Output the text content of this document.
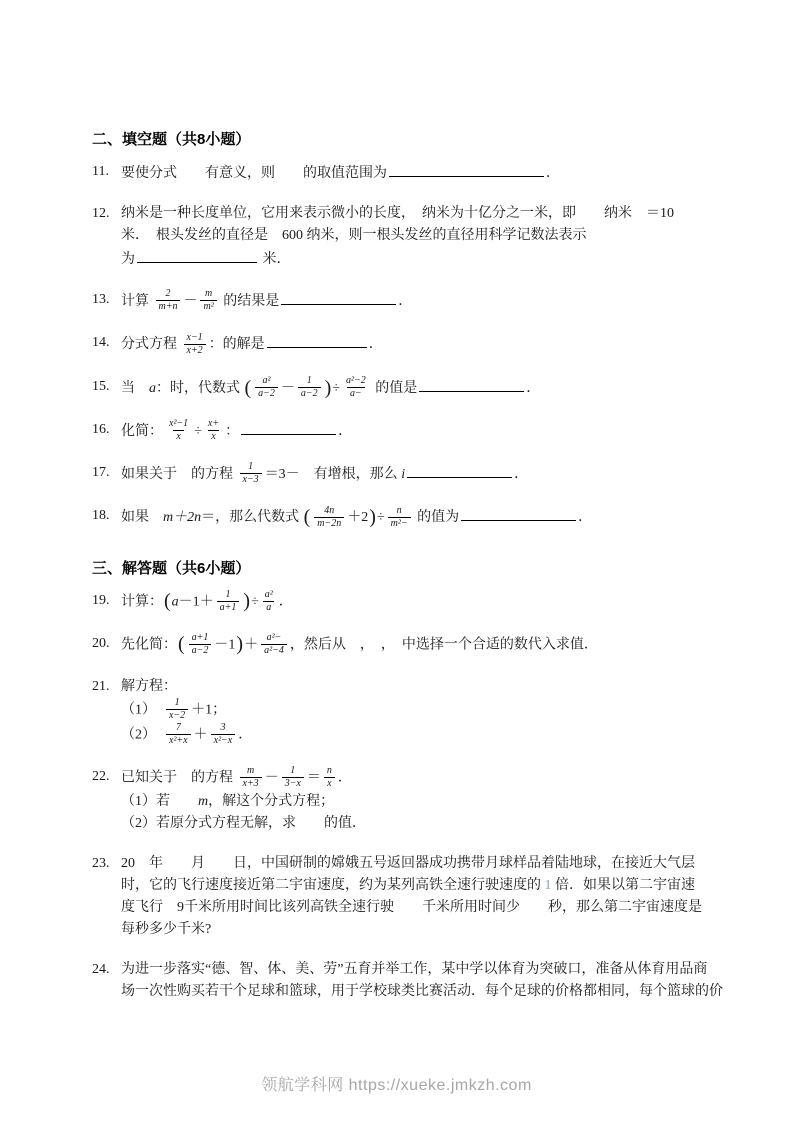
二、填空题（共8小题）
11. 要使分式　　有意义，则　　的取值范围为	．
12. 纳米是一种长度单位，它用来表示微小的长度，　纳米为十亿分之一米，即　　纳米　＝10
米．　根头发丝的直径是　600 纳米，则一根头发丝的直径用科学记数法表示
为	米．
13. 计算 $\frac{2}{m+n} - \frac{m}{\text{m²}}$ 的结果是	．
14. 分式方程 $\frac{x-1}{x+2}$ ：的解是	．
15. 当　a：时，代数式 ( $\frac{\text{a²}}{a-2} - \frac{1}{a-2}$ )÷ $\frac{\text{a²−2}}{a-}$ 的值是	．
16. 化简： $\frac{\text{x²−1}}{x} \div \frac{x+}{x}$ ：	．
17. 如果关于　的方程 $\frac{1}{x-3} =3-$　有增根，那么 i	．
18. 如果　m＋2n＝，那么代数式 ( $\frac{4n}{m-2n} +2)\div \frac{n}{\text{m²−}}$ 的值为	．
三、解答题（共6小题）
19. 计算：($a-1+ \frac{1}{a+1}$ )÷ $\frac{\text{a²}}{a}$ ．
20. 先化简：( $\frac{a+1}{a-2} -1)+ \frac{\text{a²−}}{\text{a²−4}}$ ，然后从　，　，　中选择一个合适的数代入求值．
21. 解方程：
（1）　 $\frac{1}{x-2} +1$；
（2）　 $\frac{7}{\text{x²+x}} + \frac{3}{\text{x²−x}}$ ．
22. 已知关于　的方程 $\frac{m}{x+3} - \frac{1}{3-x} = \frac{n}{x}$ ．
（1）若　　m，解这个分式方程；
（2）若原分式方程无解，求　　的值．
23. 20　年　　月　　日，中国研制的嫦娥五号返回器成功携带月球样品着陆地球，在接近大气层
时，它的飞行速度接近第二宇宙速度，约为某列高铁全速行驶速度的 1 倍．如果以第二宇宙速
度飞行　9千米所用时间比该列高铁全速行驶　　千米所用时间少　　秒，那么第二宇宙速度是
每秒多少千米?
24. 为进一步落实“德、智、体、美、劳”五育并举工作，某中学以体育为突破口，准备从体育用品商
场一次性购买若干个足球和篮球，用于学校球类比赛活动．每个足球的价格都相同，每个篮球的价
领航学科网 https://xueke.jmkzh.com
